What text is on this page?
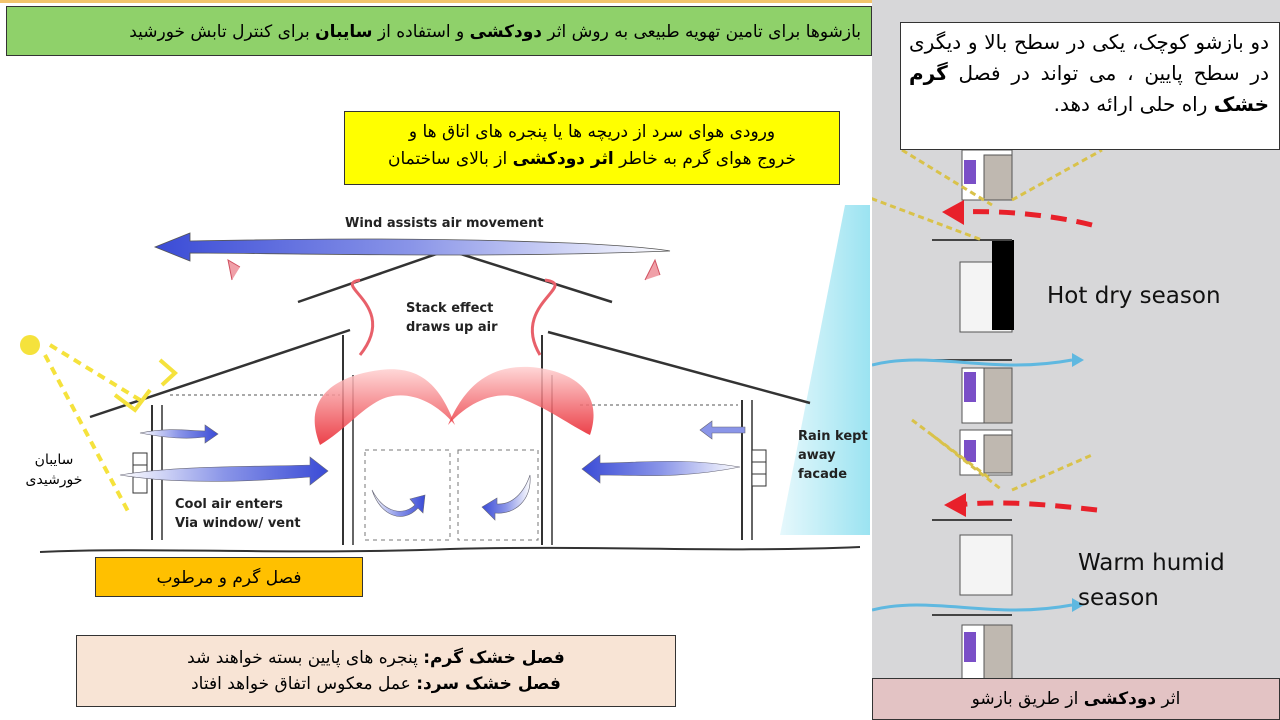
بازشوها برای تامین تهویه طبیعی به روش اثر دودکشی و استفاده از سایبان برای کنترل تابش خورشید
Wind assists air movement
Stack effect
draws up air
Cool air enters
Via window/ vent
Rain kept
away
facade
سایبان
خورشیدی
Hot dry season
Warm humid
season
ورودی هوای سرد از دریچه ها یا پنجره های اتاق ها و
خروج هوای گرم به خاطر اثر دودکشی از بالای ساختمان
دو بازشو کوچک، یکی در سطح بالا و دیگری در سطح پایین ، می تواند در فصل گرم خشک راه حلی ارائه دهد.
فصل گرم و مرطوب
فصل خشک گرم: پنجره های پایین بسته خواهند شد
فصل خشک سرد: عمل معکوس اتفاق خواهد افتاد
اثر دودکشی از طریق بازشو
